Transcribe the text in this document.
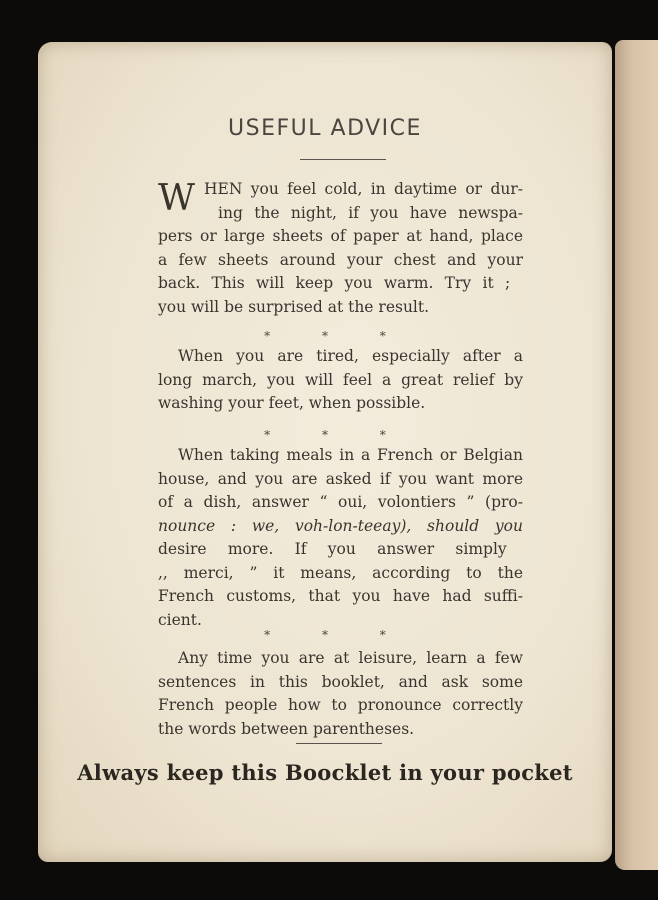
USEFUL ADVICE
W HEN you feel cold, in daytime or dur-
ing the night, if you have newspa-
pers or large sheets of paper at hand, place
a few sheets around your chest and your
back. This will keep you warm. Try it ;
you will be surprised at the result.
* * *
When you are tired, especially after a
long march, you will feel a great relief by
washing your feet, when possible.
* * *
When taking meals in a French or Belgian
house, and you are asked if you want more
of a dish, answer “ oui, volontiers ” (pro-
nounce : we, voh-lon-teeay), should you
desire more. If you answer simply
,, merci, ” it means, according to the
French customs, that you have had suffi-
cient.
* * *
Any time you are at leisure, learn a few
sentences in this booklet, and ask some
French people how to pronounce correctly
the words between parentheses.
Always keep this Boocklet in your pocket
